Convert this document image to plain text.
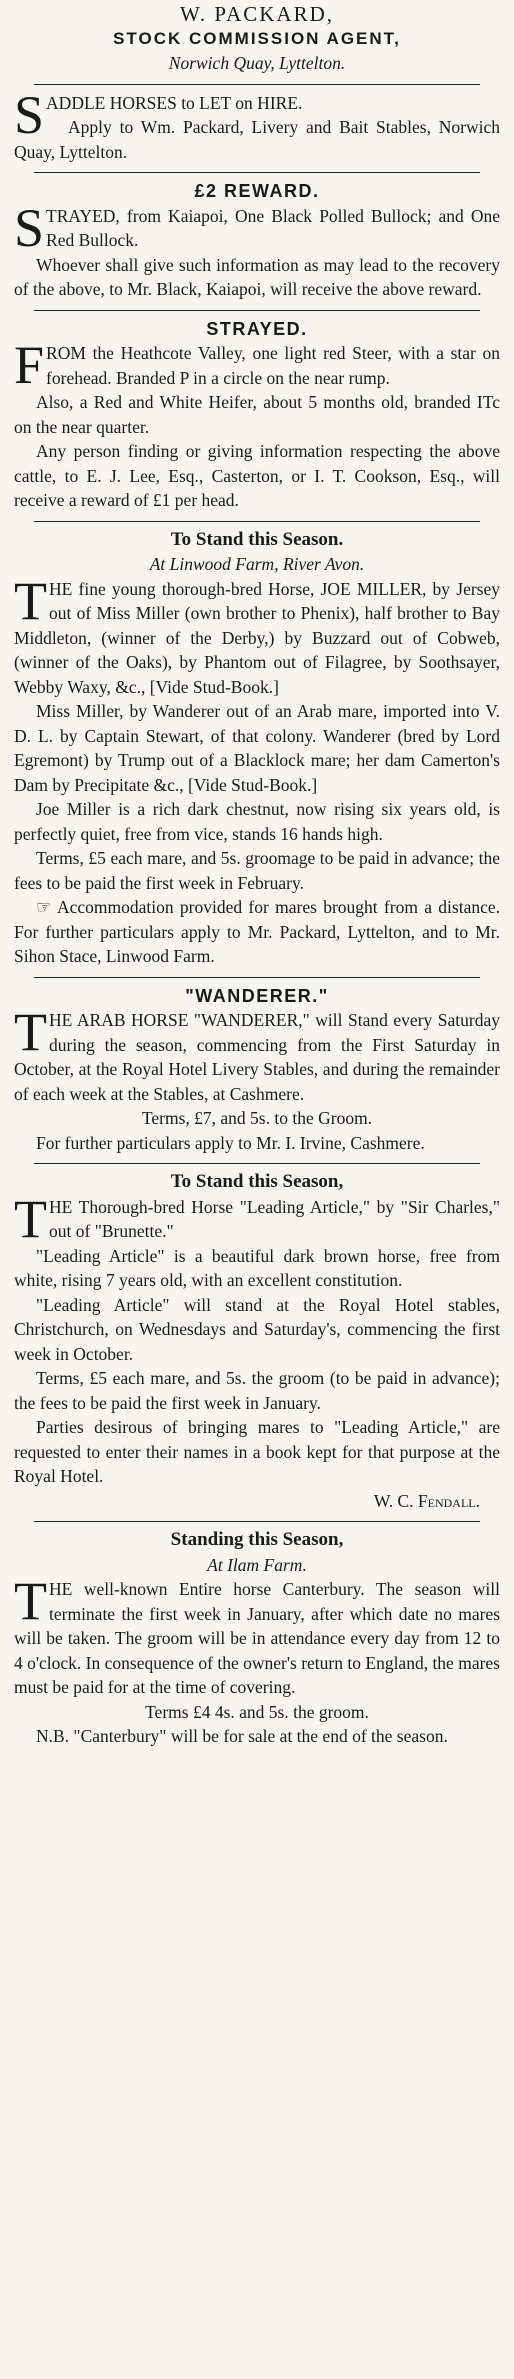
W. PACKARD,
STOCK COMMISSION AGENT,
Norwich Quay, Lyttelton.

SADDLE HORSES to LET on HIRE.

Apply to Wm. Packard, Livery and Bait Stables, Norwich Quay, Lyttelton.

£2 REWARD.

STRAYED, from Kaiapoi, One Black Polled Bullock; and One Red Bullock.

Whoever shall give such information as may lead to the recovery of the above, to Mr. Black, Kaiapoi, will receive the above reward.

STRAYED.

FROM the Heathcote Valley, one light red Steer, with a star on forehead. Branded P in a circle on the near rump.

Also, a Red and White Heifer, about 5 months old, branded ITc on the near quarter.

Any person finding or giving information respecting the above cattle, to E. J. Lee, Esq., Casterton, or I. T. Cookson, Esq., will receive a reward of £1 per head.

To Stand this Season.
At Linwood Farm, River Avon.

THE fine young thorough-bred Horse, JOE MILLER, by Jersey out of Miss Miller (own brother to Phenix), half brother to Bay Middleton, (winner of the Derby,) by Buzzard out of Cobweb, (winner of the Oaks), by Phantom out of Filagree, by Soothsayer, Webby Waxy, &c., [Vide Stud-Book.]

Miss Miller, by Wanderer out of an Arab mare, imported into V. D. L. by Captain Stewart, of that colony. Wanderer (bred by Lord Egremont) by Trump out of a Blacklock mare; her dam Camerton's Dam by Precipitate &c., [Vide Stud-Book.]

Joe Miller is a rich dark chestnut, now rising six years old, is perfectly quiet, free from vice, stands 16 hands high.

Terms, £5 each mare, and 5s. groomage to be paid in advance; the fees to be paid the first week in February.

☞ Accommodation provided for mares brought from a distance. For further particulars apply to Mr. Packard, Lyttelton, and to Mr. Sihon Stace, Linwood Farm.

"WANDERER."

THE ARAB HORSE "WANDERER," will Stand every Saturday during the season, commencing from the First Saturday in October, at the Royal Hotel Livery Stables, and during the remainder of each week at the Stables, at Cashmere.

Terms, £7, and 5s. to the Groom.

For further particulars apply to Mr. I. Irvine, Cashmere.

To Stand this Season,

THE Thorough-bred Horse "Leading Article," by "Sir Charles," out of "Brunette."

"Leading Article" is a beautiful dark brown horse, free from white, rising 7 years old, with an excellent constitution.

"Leading Article" will stand at the Royal Hotel stables, Christchurch, on Wednesdays and Saturday's, commencing the first week in October.

Terms, £5 each mare, and 5s. the groom (to be paid in advance); the fees to be paid the first week in January.

Parties desirous of bringing mares to "Leading Article," are requested to enter their names in a book kept for that purpose at the Royal Hotel.

W. C. Fendall.

Standing this Season,
At Ilam Farm.

THE well-known Entire horse Canterbury. The season will terminate the first week in January, after which date no mares will be taken. The groom will be in attendance every day from 12 to 4 o'clock. In consequence of the owner's return to England, the mares must be paid for at the time of covering.

Terms £4 4s. and 5s. the groom.

N.B. "Canterbury" will be for sale at the end of the season.
